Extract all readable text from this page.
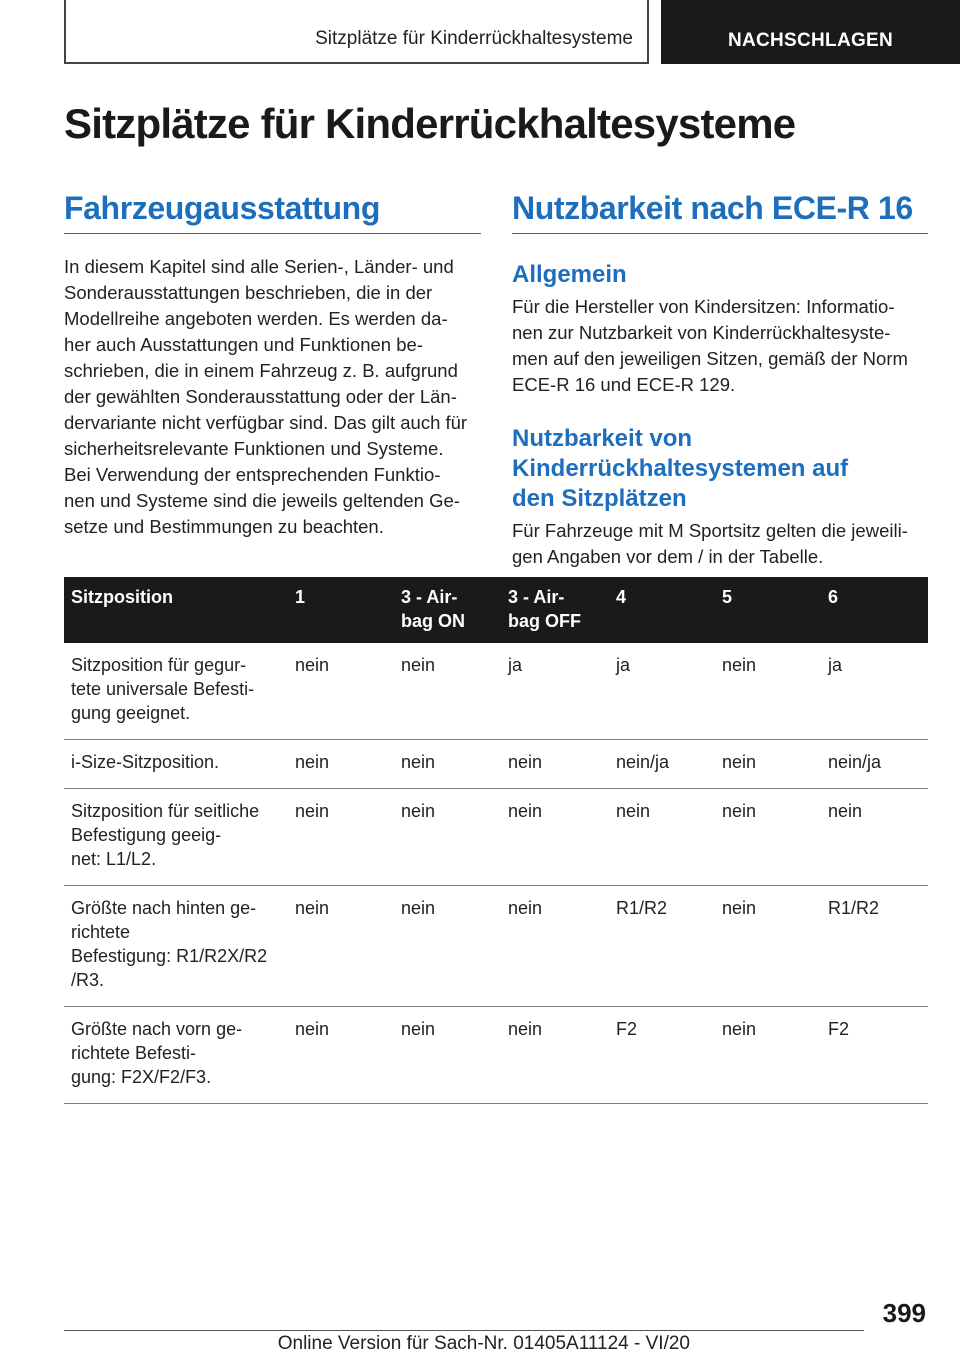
Sitzplätze für Kinderrückhaltesysteme	NACHSCHLAGEN
Sitzplätze für Kinderrückhaltesysteme
Fahrzeugausstattung

In diesem Kapitel sind alle Serien-, Länder- und
Sonderausstattungen beschrieben, die in der
Modellreihe angeboten werden. Es werden da-
her auch Ausstattungen und Funktionen be-
schrieben, die in einem Fahrzeug z. B. aufgrund
der gewählten Sonderausstattung oder der Län-
dervariante nicht verfügbar sind. Das gilt auch für
sicherheitsrelevante Funktionen und Systeme.
Bei Verwendung der entsprechenden Funktio-
nen und Systeme sind die jeweils geltenden Ge-
setze und Bestimmungen zu beachten.

Nutzbarkeit nach ECE-R 16
Allgemein

Für die Hersteller von Kindersitzen: Informatio-
nen zur Nutzbarkeit von Kinderrückhaltesyste-
men auf den jeweiligen Sitzen, gemäß der Norm
ECE-R 16 und ECE-R 129.

Nutzbarkeit von
Kinderrückhaltesystemen auf
den Sitzplätzen

Für Fahrzeuge mit M Sportsitz gelten die jeweili-
gen Angaben vor dem / in der Tabelle.

Sitzposition	1	3 - Air-
bag ON	3 - Air-
bag OFF	4	5	6
Sitzposition für gegur-
tete universale Befesti-
gung geeignet.	nein	nein	ja	ja	nein	ja
i-Size-Sitzposition.	nein	nein	nein	nein/ja	nein	nein/ja
Sitzposition für seitliche
Befestigung geeig-
net: L1/L2.	nein	nein	nein	nein	nein	nein
Größte nach hinten ge-
richtete
Befestigung: R1/R2X/R2
/R3.	nein	nein	nein	R1/R2	nein	R1/R2
Größte nach vorn ge-
richtete Befesti-
gung: F2X/F2/F3.	nein	nein	nein	F2	nein	F2
399
Online Version für Sach-Nr. 01405A11124 - VI/20
